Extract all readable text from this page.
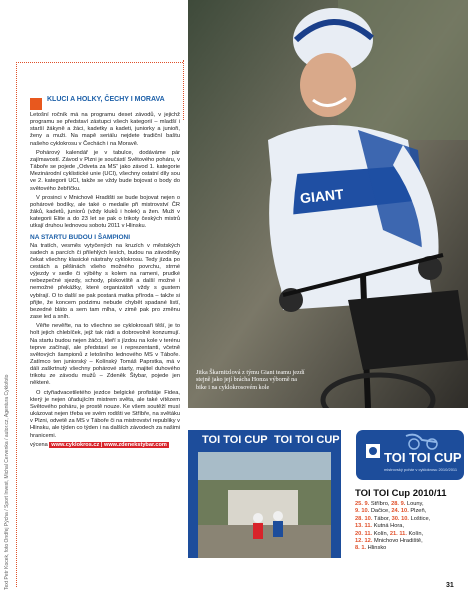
Text Petr Kocek, foto Ondřej Pýcha / Sport Invest, Michal Červenka / autor.cz, Agentura Cyklofoto
KLUCI A HOLKY, ČECHY I MORAVA

Letošní ročník má na programu deset závodů, v jejichž programu se představí zástupci všech kategorií – mladší i starší žákyně a žáci, kadetky a kadeti, juniorky a junioři, ženy a muži. Na mapě seriálu nejdete tradiční baštu našeho cyklokrosu v Čechách i na Moravě.

Pohárový kalendář je v tabulce, dodáváme pár zajímavostí. Závod v Plzni je součástí Světového poháru, v Táboře se pojede „Odveta za MS“ jako závod 1. kategorie Mezinárodní cyklistické unie (UCI), všechny ostatní díly sou ve 2. kategorii UCI, takže se vždy bude bojovat o body do světového žebříčku.

V prosinci v Mnichově Hradišti se bude bojovat nejen o pohárové bodíky, ale také o medaile při mistrovství ČR žáků, kadetů, juniorů (vždy kluků i holek) a žen. Muži v kategorii Elite a do 23 let se pak o trikoty českých mistrů utkají druhou lednovou sobotu 2011 v Hlinsku.

NA STARTU BUDOU I ŠAMPIONI

Na tratích, vesměs vytyčených na kruzích v městských sadech a parcích či přilehlých lesích, budou na závodníky čekat všechny klasické nástrahy cyklokrosu. Tedy jízda po cestách a pěšinách všeho možného povrchu, strmé výjezdy v sedle či výběhy s kolem na rameni, prudké nebezpečné sjezdy, schody, pískoviště a další možné i nemožné překážky, které organizátoři vždy s gustem vybírají. O to další se pak postará matka příroda – takže si přijte, že koncem podzimu nebude chybět spadané listí, bezedné bláto a sem tam mlha, v zimě pak pro změnu zase led a sníh.

Věřte nevěřte, na to všechno se cyklokrosaři těší, je to holt jejich chlebíček, jejž tak rádi a dobrovolně konzumují. Na startu budou nejen žáčci, kteří s jízdou na kole v terénu teprve začínají, ale představí se i reprezentanti, včetně světových šampionů z letošního lednového MS v Táboře. Zatímco ten juniorský – Kolínský Tomáš Paprstka, má v dáli zaškrtnutý všechny pohárové starty, majitel duhového trikotu ze závodu mužů – Zdeněk Štybar, pojede jen některé.

O ctyřiadvacetiletého jezdce belgické profistáje Fidea, který je nejen úřadujícím mistrem světa, ale také vítězem Světového poháru, je prostě nouze. Ke všem soutěží musí ukázovat nejen třeba ve svém rodišti ve Stříbře, na světáku v Plzni, odvetě za MS v Táboře či na mistrovství republiky v Hlinsku, ale týden co týden i na dalších závodech za našimi hranicemi.

výcena www.cyklokros.cz | www.zdenekstybar.com
GIANT
Jitka Škarnitzlová z týmu Giant teamu jezdí stejně jako její brácha Honza výborně na bike i na cyklokrosovém kole
TOI TOI CUP TOI TOI CUP
TOI TOI CUP
mistrovský pohár v cyklokrosu 2010/2011
TOI TOI Cup 2010/11
25. 9. Stříbro, 28. 9. Louny,
9. 10. Dačice, 24. 10. Plzeň,
28. 10. Tábor, 30. 10. Loštice,
13. 11. Kutná Hora,
20. 11. Kolín, 21. 11. Kolín,
12. 12. Mnichovo Hradiště,
8. 1. Hlinsko
31
